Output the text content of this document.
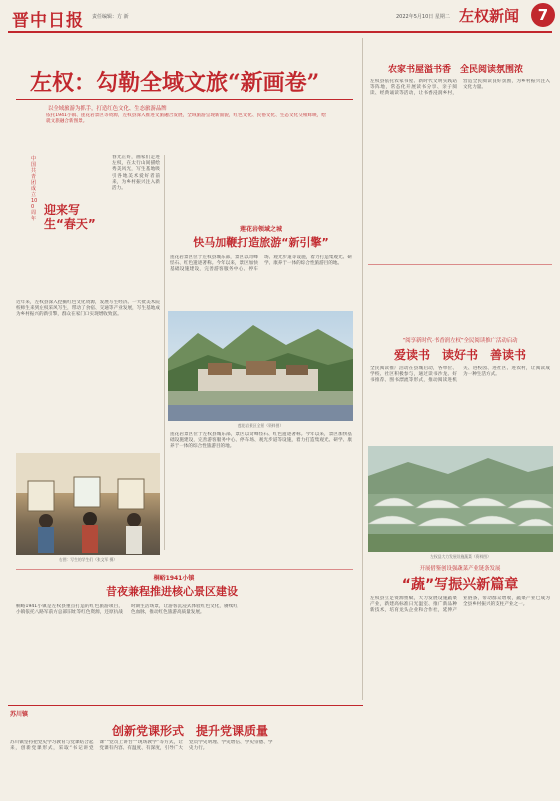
晋中日报 责任编辑：方 新	2022年5月10日 星期二 左权新闻	7
左权：勾勒全域文旅“新画卷”
以全域旅游为抓手，打造红色文化、生态旅游品牌
依托1941小镇、莲花岩景区等资源，左权县深入推进文旅融合发展，全域旅游呈现新面貌，红色文化、民俗文化、生态文化交相辉映，绘就文旅融合新图景。
中国共青团成立100周年
迎来写生“春天”
春光正好，画家们走进左权，在太行山间描绘秀美风光，写生基地吸引各地美术爱好者前来，为乡村振兴注入新活力。
近年来，左权县深入挖掘红色文化资源，发展写生经济。一大批美术院校师生来到左权采风写生，带动了食宿、交通等产业发展，写生基地成为乡村振兴的新引擎，群众在家门口实现增收致富。
右图：写生的学生们（张文军 摄）
莲花岩领域之城
快马加鞭打造旅游“新引擎”
莲花岩景区位于左权县城东部，景区以奇峰怪石、红色遗迹著称。今年以来，景区加快基础设施建设，完善游客服务中心、停车场、观光步道等设施，着力打造集观光、研学、康养于一体的综合性旅游目的地。
莲花岩景区全景（资料图）
莲花岩景区位于左权县城东部，景区以奇峰怪石、红色遗迹著称。今年以来，景区加快基础设施建设，完善游客服务中心、停车场、观光步道等设施，着力打造集观光、研学、康养于一体的综合性旅游目的地。
桐峪1941小镇
昔夜兼程推进核心景区建设
桐峪1941小镇是左权县重点打造的红色旅游项目，小镇依托八路军前方总部旧址等红色资源，还原抗战时期生活场景，让游客沉浸式体验红色文化，赓续红色血脉，推动红色旅游高质量发展。
农家书屋溢书香　全民阅读氛围浓
左权县依托农家书屋、新时代文明实践站等阵地，常态化开展读书分享、亲子阅读、经典诵读等活动，让书香浸润乡村，营造全民阅读良好氛围，为乡村振兴注入文化力量。
“阅享新时代·书香润左权”全民阅读推广活动启动
爱读书　读好书　善读书
全民阅读推广活动在县城启动，各单位、学校、社区积极参与，通过读书沙龙、好书推荐、图书漂流等形式，推动阅读进机关、进校园、进社区、进农村，让阅读成为一种生活方式。
左权县大力发展设施蔬菜（资料图）
开展借鉴创设强蔬菜产业链条发展
“蔬”写振兴新篇章
左权县立足资源禀赋，大力发展设施蔬菜产业，新建高标准日光温室、推广新品种新技术，培育龙头企业和合作社，延伸产业链条，带动群众增收，蔬菜产业已成为全县乡村振兴的支柱产业之一。
苏川镇
创新党课形式　提升党课质量
苏川镇坚持把党史学习教育与党课结合起来，创新党课形式，采取“书记讲党课”“党员上讲台”“现场教学”等方式，让党课有内容、有温度、有深度，引导广大党员学史明理、学史增信、学史崇德、学史力行。
